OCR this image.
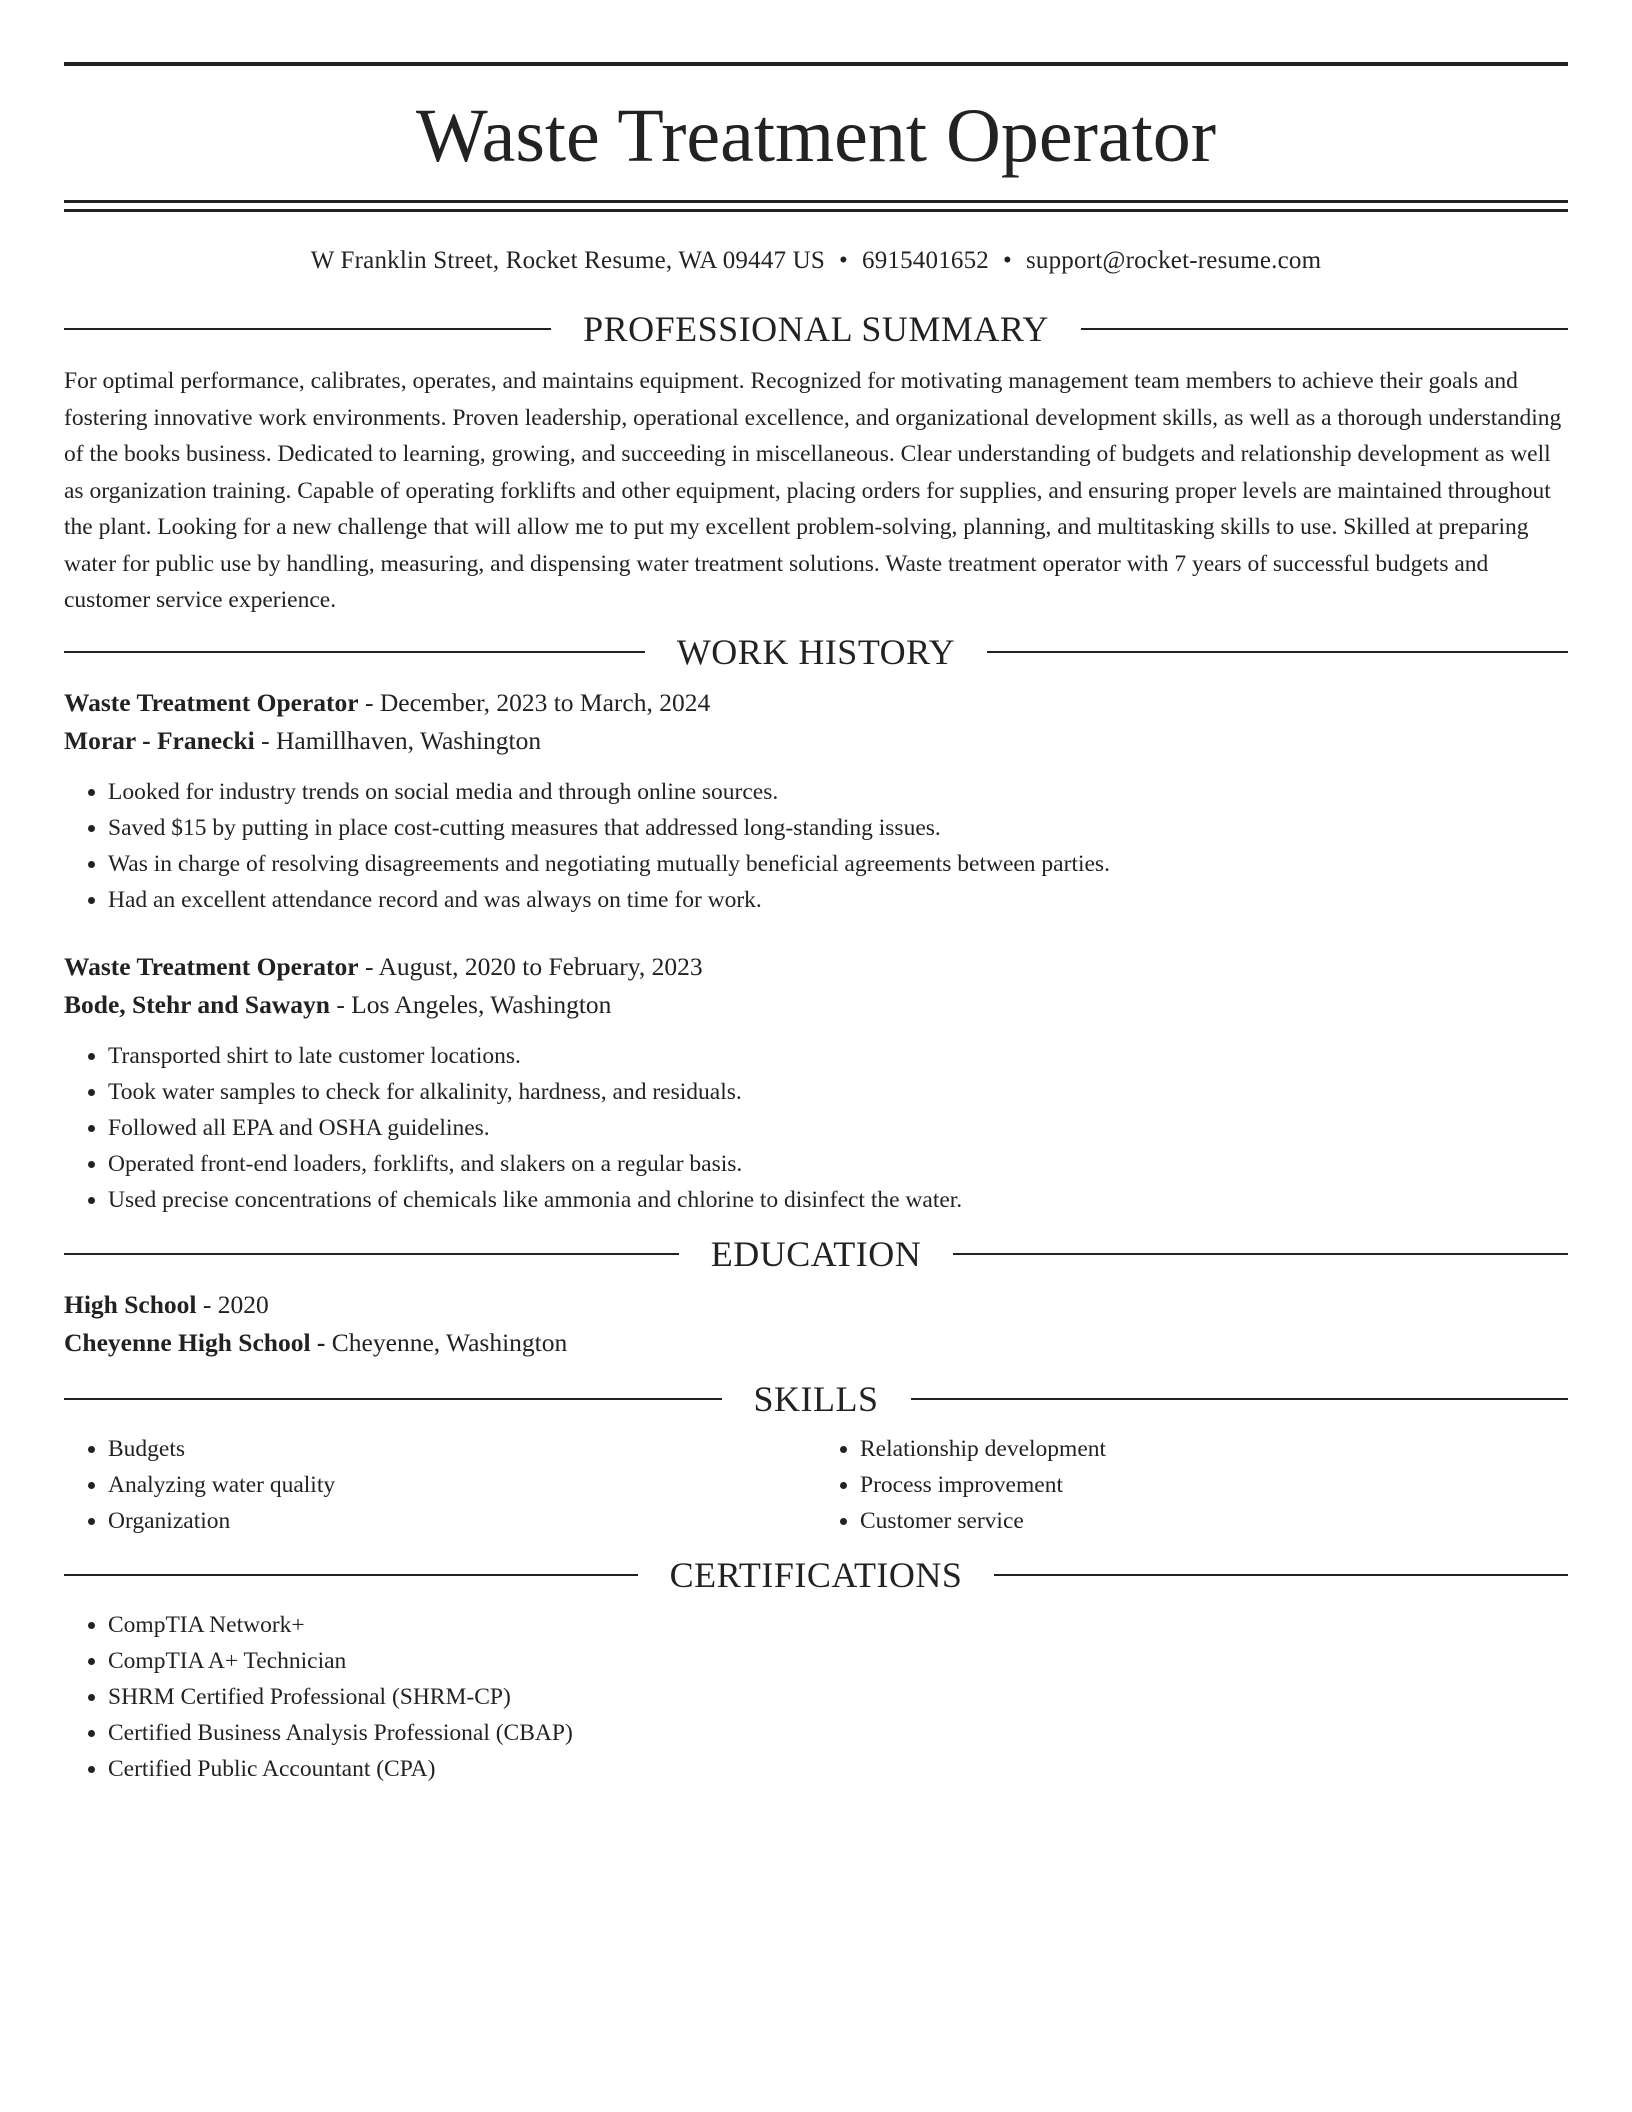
Waste Treatment Operator
W Franklin Street, Rocket Resume, WA 09447 US • 6915401652 • support@rocket-resume.com
PROFESSIONAL SUMMARY

For optimal performance, calibrates, operates, and maintains equipment. Recognized for motivating management team members to achieve their goals and fostering innovative work environments. Proven leadership, operational excellence, and organizational development skills, as well as a thorough understanding of the books business. Dedicated to learning, growing, and succeeding in miscellaneous. Clear understanding of budgets and relationship development as well as organization training. Capable of operating forklifts and other equipment, placing orders for supplies, and ensuring proper levels are maintained throughout the plant. Looking for a new challenge that will allow me to put my excellent problem-solving, planning, and multitasking skills to use. Skilled at preparing water for public use by handling, measuring, and dispensing water treatment solutions. Waste treatment operator with 7 years of successful budgets and customer service experience.

WORK HISTORY
Waste Treatment Operator - December, 2023 to March, 2024
Morar - Franecki - Hamillhaven, Washington
• Looked for industry trends on social media and through online sources.
• Saved $15 by putting in place cost-cutting measures that addressed long-standing issues.
• Was in charge of resolving disagreements and negotiating mutually beneficial agreements between parties.
• Had an excellent attendance record and was always on time for work.
Waste Treatment Operator - August, 2020 to February, 2023
Bode, Stehr and Sawayn - Los Angeles, Washington
• Transported shirt to late customer locations.
• Took water samples to check for alkalinity, hardness, and residuals.
• Followed all EPA and OSHA guidelines.
• Operated front-end loaders, forklifts, and slakers on a regular basis.
• Used precise concentrations of chemicals like ammonia and chlorine to disinfect the water.
EDUCATION
High School - 2020
Cheyenne High School - Cheyenne, Washington
SKILLS
• Budgets
• Analyzing water quality
• Organization
• Relationship development
• Process improvement
• Customer service
CERTIFICATIONS
• CompTIA Network+
• CompTIA A+ Technician
• SHRM Certified Professional (SHRM-CP)
• Certified Business Analysis Professional (CBAP)
• Certified Public Accountant (CPA)
